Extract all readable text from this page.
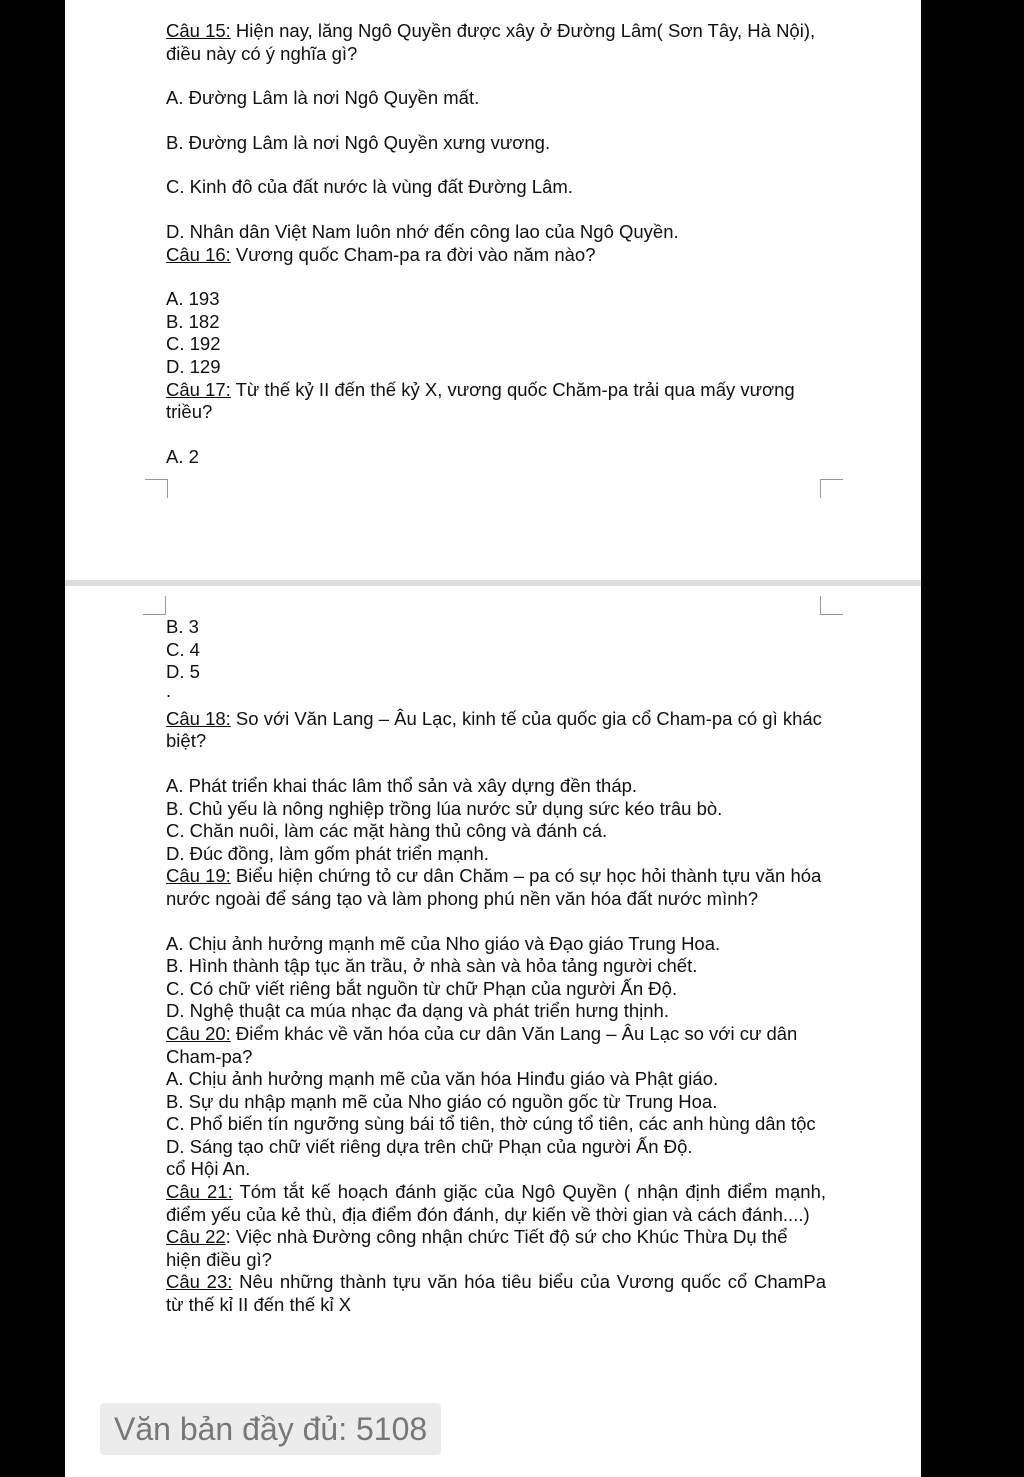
Câu 15: Hiện nay, lăng Ngô Quyền được xây ở Đường Lâm( Sơn Tây, Hà Nội), điều này có ý nghĩa gì?

A. Đường Lâm là nơi Ngô Quyền mất.

B. Đường Lâm là nơi Ngô Quyền xưng vương.

C. Kinh đô của đất nước là vùng đất Đường Lâm.

D. Nhân dân Việt Nam luôn nhớ đến công lao của Ngô Quyền.

Câu 16: Vương quốc Cham-pa ra đời vào năm nào?

A. 193

B. 182

C. 192

D. 129

Câu 17: Từ thế kỷ II đến thế kỷ X, vương quốc Chăm-pa trải qua mấy vương triều?

A. 2

B. 3

C. 4

D. 5

.

Câu 18: So với Văn Lang – Âu Lạc, kinh tế của quốc gia cổ Cham-pa có gì khác biệt?

A. Phát triển khai thác lâm thổ sản và xây dựng đền tháp.

B. Chủ yếu là nông nghiệp trồng lúa nước sử dụng sức kéo trâu bò.

C. Chăn nuôi, làm các mặt hàng thủ công và đánh cá.

D. Đúc đồng, làm gốm phát triển mạnh.

Câu 19: Biểu hiện chứng tỏ cư dân Chăm – pa có sự học hỏi thành tựu văn hóa nước ngoài để sáng tạo và làm phong phú nền văn hóa đất nước mình?

A. Chịu ảnh hưởng mạnh mẽ của Nho giáo và Đạo giáo Trung Hoa.

B. Hình thành tập tục ăn trầu, ở nhà sàn và hỏa tảng người chết.

C. Có chữ viết riêng bắt nguồn từ chữ Phạn của người Ấn Độ.

D. Nghệ thuật ca múa nhạc đa dạng và phát triển hưng thịnh.

Câu 20: Điểm khác về văn hóa của cư dân Văn Lang – Âu Lạc so với cư dân Cham-pa?

A. Chịu ảnh hưởng mạnh mẽ của văn hóa Hinđu giáo và Phật giáo.

B. Sự du nhập mạnh mẽ của Nho giáo có nguồn gốc từ Trung Hoa.

C. Phổ biến tín ngưỡng sùng bái tổ tiên, thờ cúng tổ tiên, các anh hùng dân tộc

D. Sáng tạo chữ viết riêng dựa trên chữ Phạn của người Ấn Độ.

cổ Hội An.

Câu 21: Tóm tắt kế hoạch đánh giặc của Ngô Quyền ( nhận định điểm mạnh, điểm yếu của kẻ thù, địa điểm đón đánh, dự kiến về thời gian và cách đánh....)

Câu 22: Việc nhà Đường công nhận chức Tiết độ sứ cho Khúc Thừa Dụ thể hiện điều gì?

Câu 23: Nêu những thành tựu văn hóa tiêu biểu của Vương quốc cổ ChamPa từ thế kỉ II đến thế kỉ X

Văn bản đầy đủ: 5108
